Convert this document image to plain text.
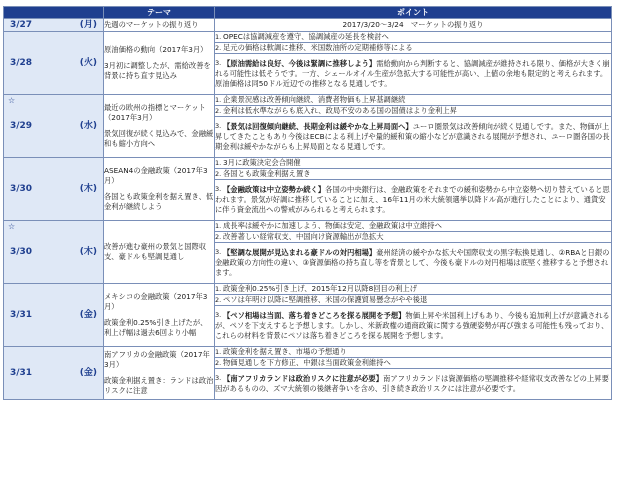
	テーマ	ポイント

3/27 (月)	先週のマーケットの振り返り	2017/3/20～3/24　マーケットの振り返り

3/28 (火)	原油価格の動向（2017年3月）
3月初に調整したが、需給改善を背景に持ち直す見込み	1. OPECは協調減産を遵守、協調減産の延長を検討へ
		2. 足元の価格は軟調に推移、米国数油所の定期補修等による
		3. 【原油需給は良好、今後は緊調に推移しよう】需給動向から判断すると、協調減産が維持される限り、価格が大きく崩れる可能性は低そうです。一方、シェールオイル生産が急拡大する可能性が高い、上値の余地も限定的と考えられます。原油価格は同50ドル近辺での推移となる見通しです。

☆
3/29 (水)	最近の欧州の指標とマーケット（2017年3月）
景気回復が続く見込みで、金融緩和も縮小方向へ	1. 企業景況感は改善傾向継続、消費者物価も上昇基調継続
		2. 金利は低水準ながらも底入れ、政局不安のある国の国債はより金利上昇
		3. 【景気は回復傾向継続、長期金利は緩やかな上昇局面へ】ユーロ圏景気は改善傾向が続く見通しです。また、物価が上昇してきたこともあり今後はECBによる利上げや量的緩和策の縮小などが意識される展開が予想され、ユーロ圏各国の長期金利は緩やかながらも上昇局面となる見通しです。

3/30 (木)	ASEAN4の金融政策（2017年3月）
各国とも政策金利を据え置き、低金利が継続しよう	1. 3月に政策決定会合開催
		2. 各国とも政策金利据え置き
		3. 【金融政策は中立姿勢か続く】各国の中央銀行は、金融政策をそれまでの緩和姿勢から中立姿勢へ切り替えていると思われます。景気が好調に推移していることに加え、16年11月の米大統領選挙以降ドル高が進行したことにより、通貨安に伴う資金流出への警戒がみられると考えられます。

☆
3/30 (木)	改善が進む豪州の景気と国際収支、豪ドルも堅調見通し	1. 成長率は緩やかに加速しよう、物価は安定、金融政策は中立維持へ
		2. 改善著しい経常収支、中国向け資源輸出が急拡大
		3. 【堅調な展開が見込まれる豪ドルの対円相場】豪州経済の緩やかな拡大や国際収支の黒字転換見通し、②RBAと日銀の金融政策の方向性の違い、③資源価格の持ち直し等を背景として、今後も豪ドルの対円相場は底堅く推移すると予想されます。

3/31 (金)	メキシコの金融政策（2017年3月）
政策金利0.25%引き上げたが、利上げ幅は過去6回より小幅	1. 政策金利0.25%引き上げ、2015年12月以降8回目の利上げ
		2. ペソは年明け以降に堅調推移、米国の保護貿易懸念がやや後退
		3. 【ペソ相場は当面、落ち着きどころを探る展開を予想】物価上昇や米国利上げもあり、今後も追加利上げが意識されるが、ペソを下支えすると予想します。しかし、米新政権の通商政策に関する強硬姿勢が再び強まる可能性も残っており、これらの材料を背景にペソは落ち着きどころを探る展開を予想します。

3/31 (金)	南アフリカの金融政策（2017年3月）
政策金利据え置き：ランドは政治リスクに注意	1. 政策金利を据え置き、市場の予想通り
		2. 物価見通しを下方修正、中銀は当面政策金利維持へ
		3. 【南アフリカランドは政治リスクに注意が必要】南アフリカランドは資源価格の堅調推移や経常収支改善などの上昇要因があるものの、ズマ大統領の後継者争いを含め、引き続き政治リスクには注意が必要です。
